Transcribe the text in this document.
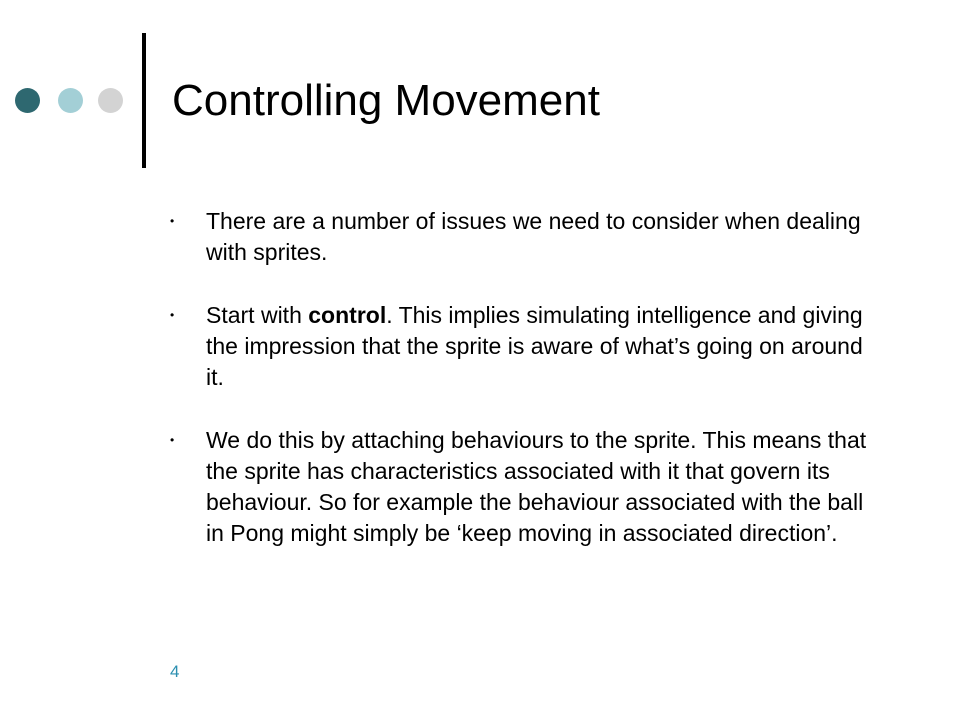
Controlling Movement
• There are a number of issues we need to consider when dealing with sprites.
• Start with control. This implies simulating intelligence and giving the impression that the sprite is aware of what’s going on around it.
• We do this by attaching behaviours to the sprite. This means that the sprite has characteristics associated with it that govern its behaviour. So for example the behaviour associated with the ball in Pong might simply be ‘keep moving in associated direction’.
4
